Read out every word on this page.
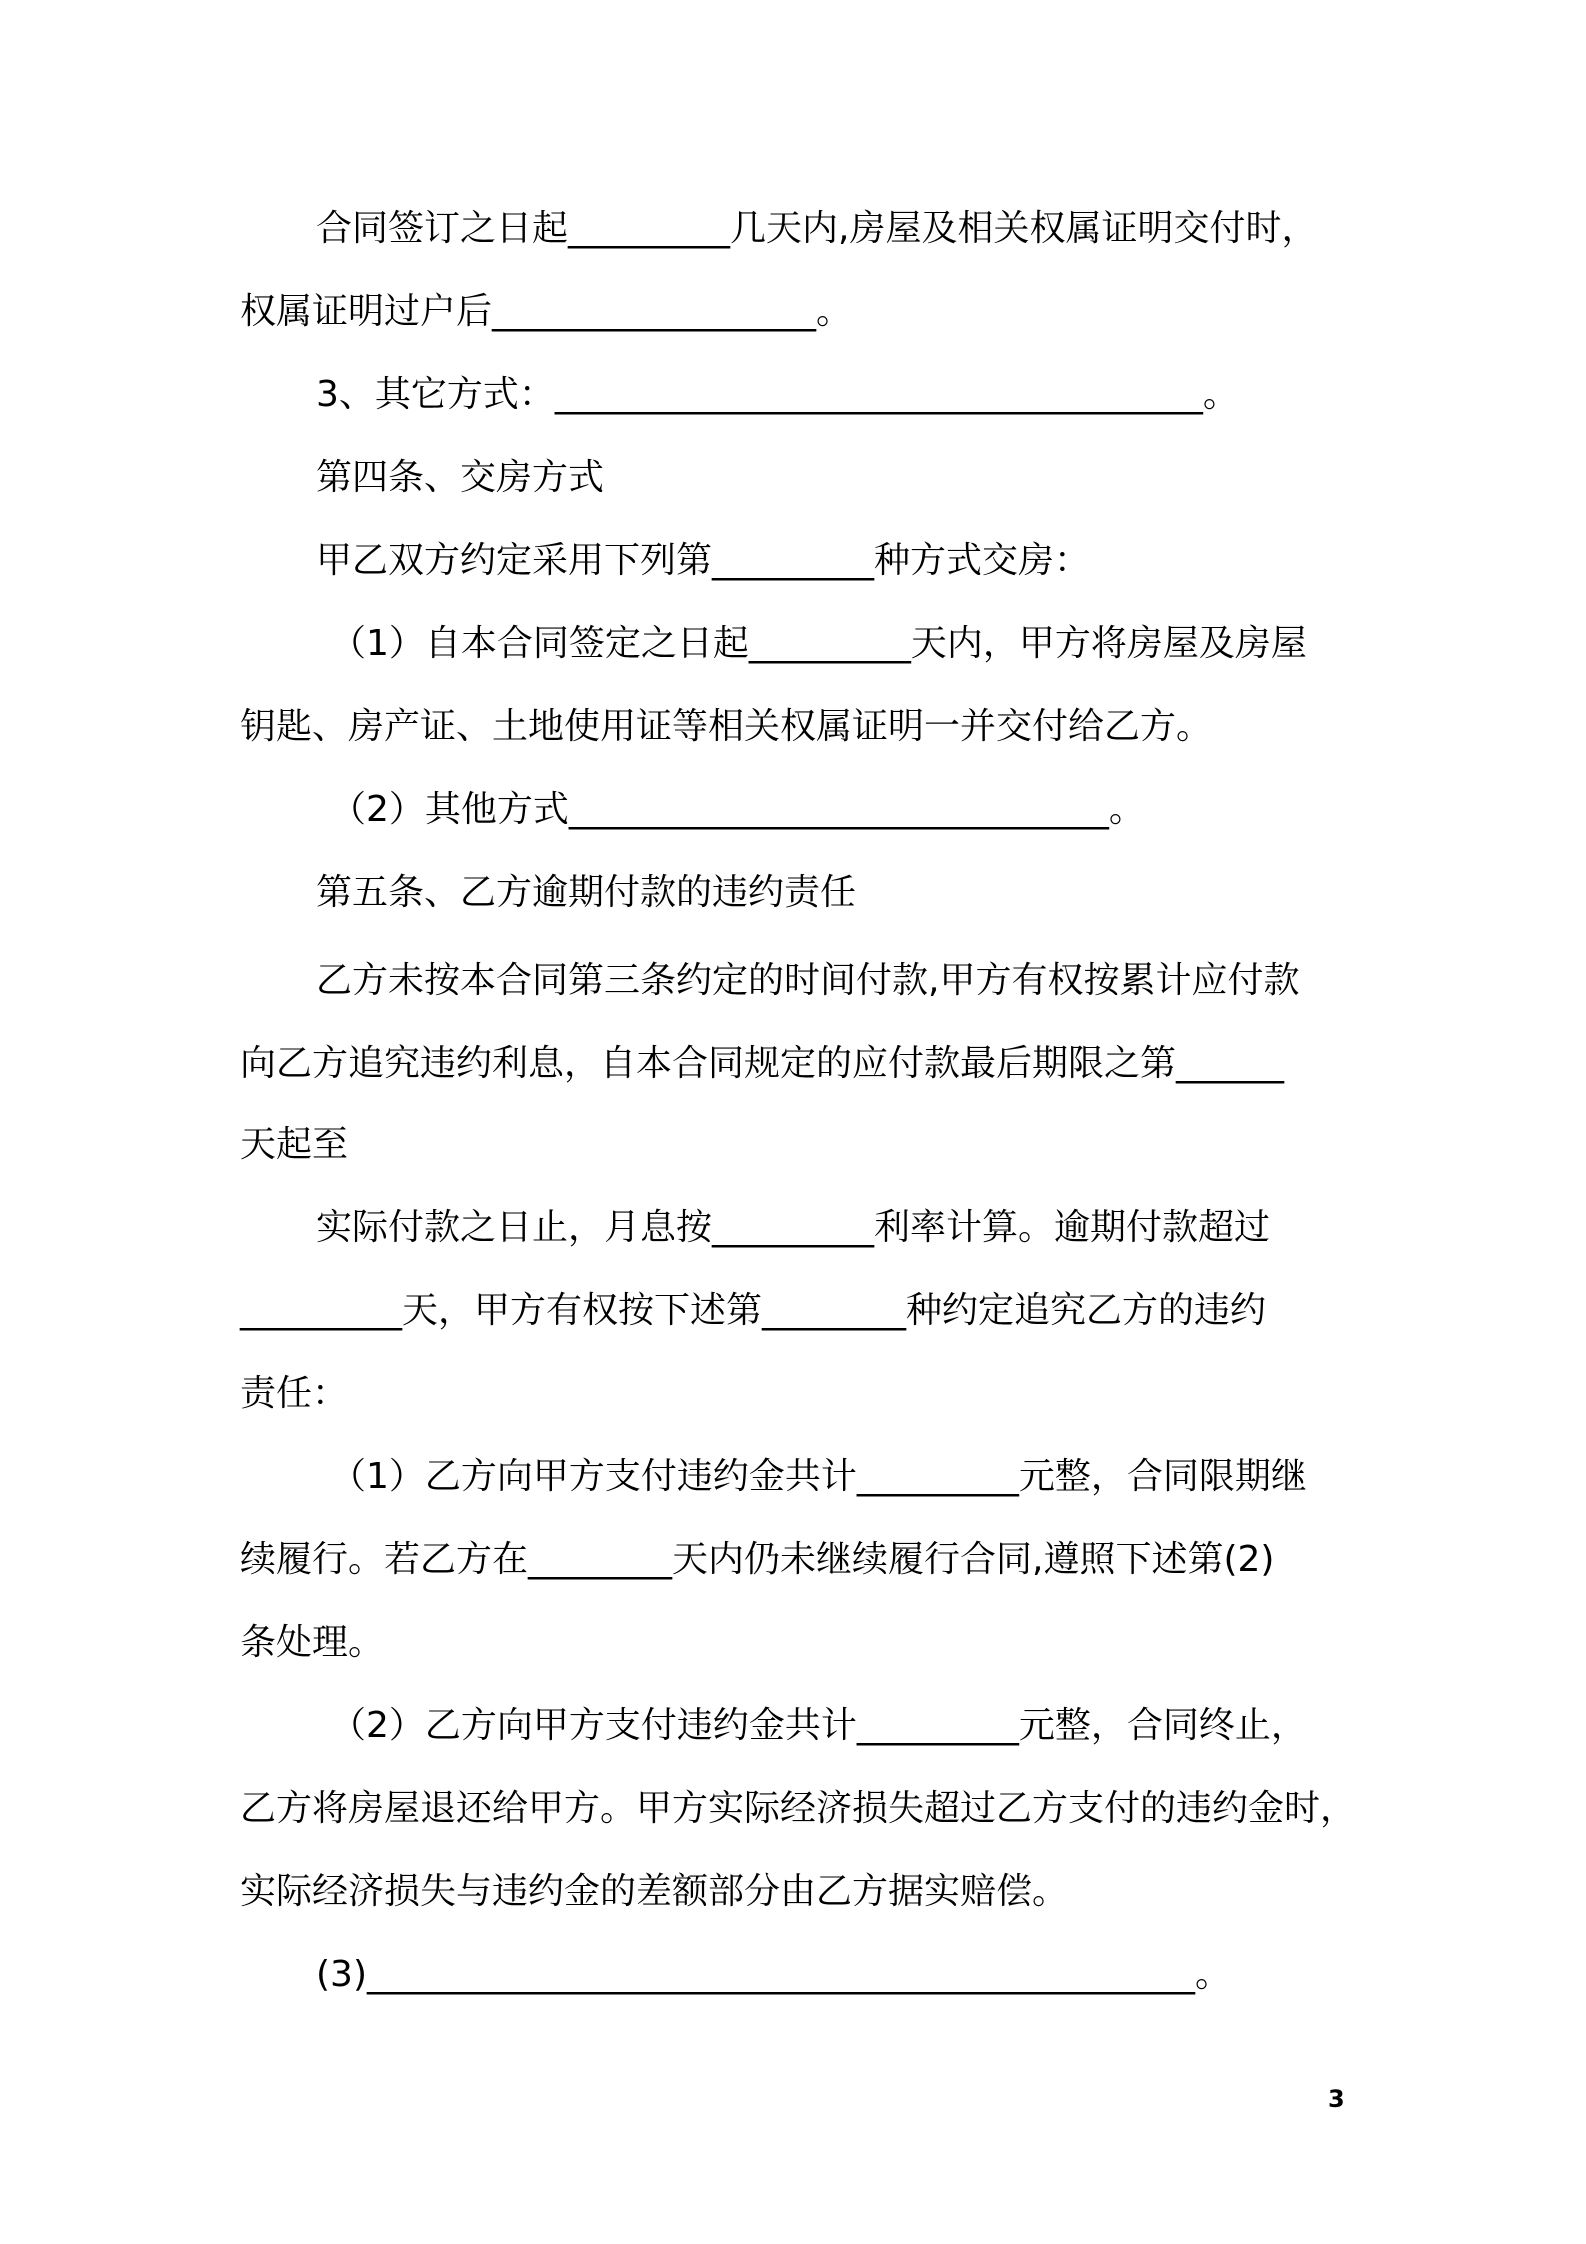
合同签订之日起_________几天内,房屋及相关权属证明交付时，
权属证明过户后__________________。
3、其它方式：____________________________________。
第四条、交房方式
甲乙双方约定采用下列第_________种方式交房：
（1）自本合同签定之日起_________天内，甲方将房屋及房屋
钥匙、房产证、土地使用证等相关权属证明一并交付给乙方。
（2）其他方式______________________________。
第五条、乙方逾期付款的违约责任
乙方未按本合同第三条约定的时间付款,甲方有权按累计应付款
向乙方追究违约利息，自本合同规定的应付款最后期限之第______
天起至
实际付款之日止，月息按_________利率计算。逾期付款超过
_________天，甲方有权按下述第________种约定追究乙方的违约
责任：
（1）乙方向甲方支付违约金共计_________元整，合同限期继
续履行。若乙方在________天内仍未继续履行合同,遵照下述第(2)
条处理。
（2）乙方向甲方支付违约金共计_________元整，合同终止，
乙方将房屋退还给甲方。甲方实际经济损失超过乙方支付的违约金时，
实际经济损失与违约金的差额部分由乙方据实赔偿。
(3)______________________________________________。
3
